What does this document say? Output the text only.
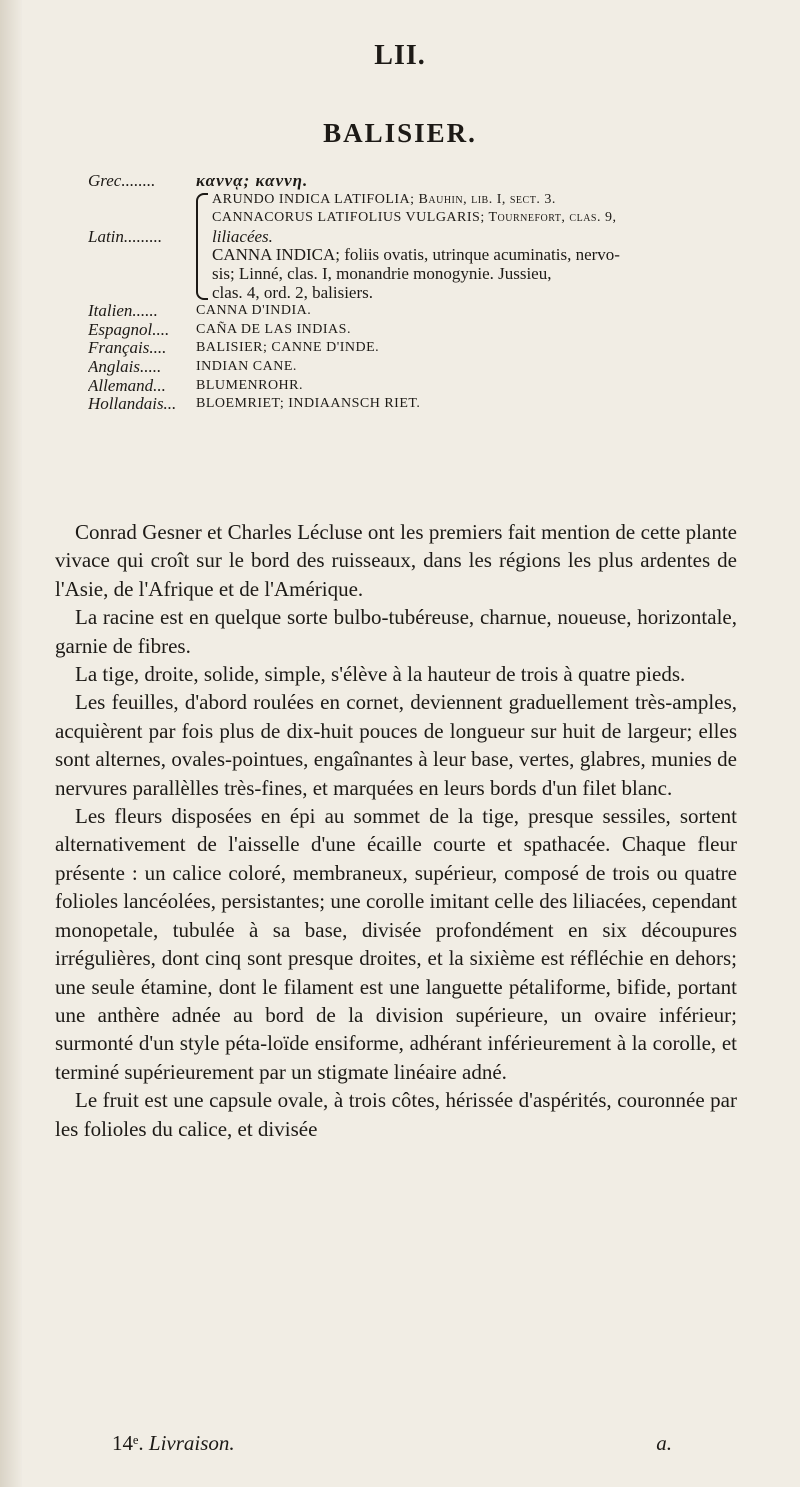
LII.
BALISIER.
Grec........	καννᾳ; καννη.
Latin.........
ARUNDO INDICA LATIFOLIA; Bauhin, lib. I, sect. 3.
CANNACORUS LATIFOLIUS VULGARIS; Tournefort, clas. 9,
liliacées.
CANNA INDICA; foliis ovatis, utrinque acuminatis, nervo-
sis; Linné, clas. I, monandrie monogynie. Jussieu,
clas. 4, ord. 2, balisiers.
Italien......	CANNA D'INDIA.
Espagnol....	CAÑA DE LAS INDIAS.
Français....	BALISIER; CANNE D'INDE.
Anglais.....	INDIAN CANE.
Allemand...	BLUMENROHR.
Hollandais...	BLOEMRIET; INDIAANSCH RIET.

Conrad Gesner et Charles Lécluse ont les premiers fait mention de cette plante vivace qui croît sur le bord des ruisseaux, dans les régions les plus ardentes de l'Asie, de l'Afrique et de l'Amérique.

La racine est en quelque sorte bulbo-tubéreuse, charnue, noueuse, horizontale, garnie de fibres.

La tige, droite, solide, simple, s'élève à la hauteur de trois à quatre pieds.

Les feuilles, d'abord roulées en cornet, deviennent graduellement très-amples, acquièrent par fois plus de dix-huit pouces de longueur sur huit de largeur; elles sont alternes, ovales-pointues, engaînantes à leur base, vertes, glabres, munies de nervures parallèlles très-fines, et marquées en leurs bords d'un filet blanc.

Les fleurs disposées en épi au sommet de la tige, presque sessiles, sortent alternativement de l'aisselle d'une écaille courte et spathacée. Chaque fleur présente : un calice coloré, membraneux, supérieur, composé de trois ou quatre folioles lancéolées, persistantes; une corolle imitant celle des liliacées, cependant monopetale, tubulée à sa base, divisée profondément en six découpures irrégulières, dont cinq sont presque droites, et la sixième est réfléchie en dehors; une seule étamine, dont le filament est une languette pétaliforme, bifide, portant une anthère adnée au bord de la division supérieure, un ovaire inférieur; surmonté d'un style péta-loïde ensiforme, adhérant inférieurement à la corolle, et terminé supérieurement par un stigmate linéaire adné.

Le fruit est une capsule ovale, à trois côtes, hérissée d'aspérités, couronnée par les folioles du calice, et divisée

14ᵉ. Livraison.	a.
